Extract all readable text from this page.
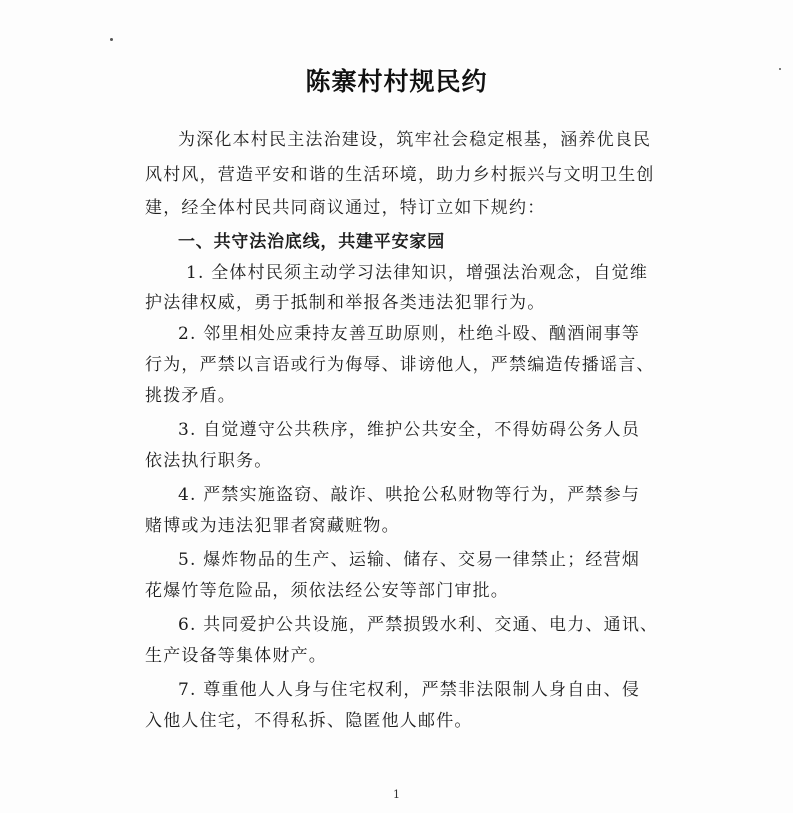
陈寨村村规民约
为深化本村民主法治建设，筑牢社会稳定根基，涵养优良民
风村风，营造平安和谐的生活环境，助力乡村振兴与文明卫生创
建，经全体村民共同商议通过，特订立如下规约：
一、共守法治底线，共建平安家园
1. 全体村民须主动学习法律知识，增强法治观念，自觉维
护法律权威，勇于抵制和举报各类违法犯罪行为。
2. 邻里相处应秉持友善互助原则，杜绝斗殴、酗酒闹事等
行为，严禁以言语或行为侮辱、诽谤他人，严禁编造传播谣言、
挑拨矛盾。
3. 自觉遵守公共秩序，维护公共安全，不得妨碍公务人员
依法执行职务。
4. 严禁实施盗窃、敲诈、哄抢公私财物等行为，严禁参与
赌博或为违法犯罪者窝藏赃物。
5. 爆炸物品的生产、运输、储存、交易一律禁止；经营烟
花爆竹等危险品，须依法经公安等部门审批。
6. 共同爱护公共设施，严禁损毁水利、交通、电力、通讯、
生产设备等集体财产。
7. 尊重他人人身与住宅权利，严禁非法限制人身自由、侵
入他人住宅，不得私拆、隐匿他人邮件。
1
